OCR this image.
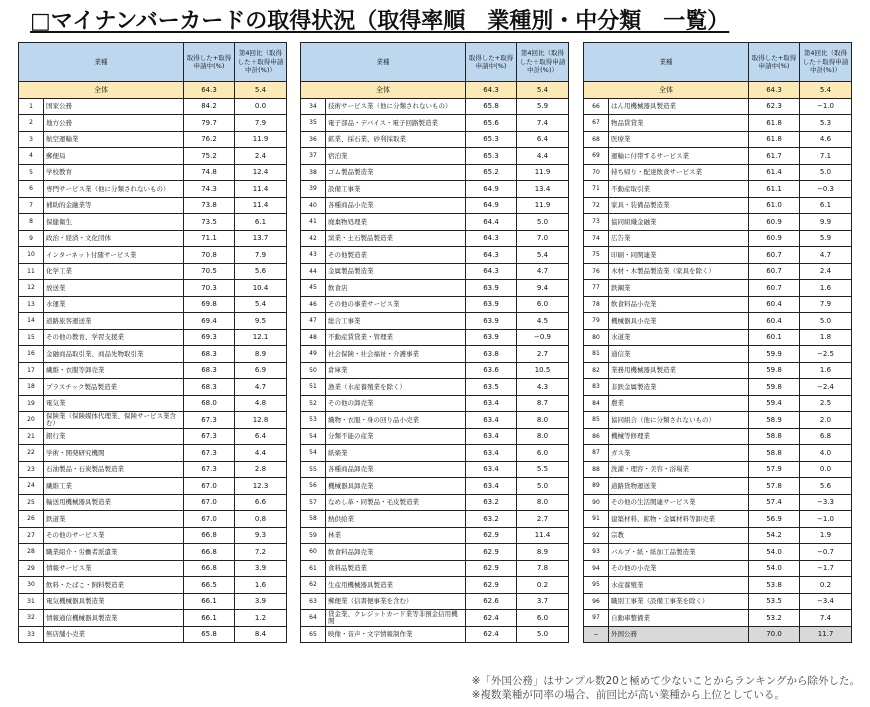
□マイナンバーカードの取得状況（取得率順　業種別・中分類　一覧）
業種		取得した+取得申請中(%)	第4回比（取得した＋取得申請中計(%)）
全体		64.3	5.4
1	国家公務	84.2	0.0
2	地方公務	79.7	7.9
3	航空運輸業	76.2	11.9
4	郵便局	75.2	2.4
5	学校教育	74.8	12.4
6	専門サービス業（他に分類されないもの）	74.3	11.4
7	補助的金融業等	73.8	11.4
8	保健衛生	73.5	6.1
9	政治・経済・文化団体	71.1	13.7
10	インターネット付随サービス業	70.8	7.9
11	化学工業	70.5	5.6
12	放送業	70.3	10.4
13	水運業	69.8	5.4
14	道路旅客運送業	69.4	9.5
15	その他の教育、学習支援業	69.3	12.1
16	金融商品取引業、商品先物取引業	68.3	8.9
17	繊維・衣服等卸売業	68.3	6.9
18	プラスチック製品製造業	68.3	4.7
19	電気業	68.0	4.8
20	保険業（保険媒体代理業、保険サービス業含む）	67.3	12.8
21	銀行業	67.3	6.4
22	学術・開発研究機関	67.3	4.4
23	石油製品・石炭製品製造業	67.3	2.8
24	繊維工業	67.0	12.3
25	輸送用機械器具製造業	67.0	6.6
26	鉄道業	67.0	0.8
27	その他のサービス業	66.8	9.3
28	職業紹介・労働者派遣業	66.8	7.2
29	情報サービス業	66.8	3.9
30	飲料・たばこ・飼料製造業	66.5	1.6
31	電気機械器具製造業	66.1	3.9
32	情報通信機械器具製造業	66.1	1.2
33	無店舗小売業	65.8	8.4
業種		取得した+取得申請中(%)	第4回比（取得した＋取得申請中計(%)）
全体		64.3	5.4
34	技術サービス業（他に分類されないもの）	65.8	5.9
35	電子部品・デバイス・電子回路製造業	65.6	7.4
36	鉱業、採石業、砂利採取業	65.3	6.4
37	宿泊業	65.3	4.4
38	ゴム製品製造業	65.2	11.9
39	設備工事業	64.9	13.4
40	各種商品小売業	64.9	11.9
41	廃棄物処理業	64.4	5.0
42	窯業・土石製品製造業	64.3	7.0
43	その他製造業	64.3	5.4
44	金属製品製造業	64.3	4.7
45	飲食店	63.9	9.4
46	その他の事業サービス業	63.9	6.0
47	総合工事業	63.9	4.5
48	不動産賃貸業・管理業	63.9	−0.9
49	社会保険・社会福祉・介護事業	63.8	2.7
50	倉庫業	63.6	10.5
51	漁業（水産養殖業を除く）	63.5	4.3
52	その他の卸売業	63.4	8.7
53	織物・衣服・身の回り品小売業	63.4	8.0
54	分類不能の産業	63.4	8.0
54	紙楽業	63.4	6.0
55	各種商品卸売業	63.4	5.5
56	機械器具卸売業	63.4	5.0
57	なめし革・同製品・毛皮製造業	63.2	8.0
58	熱供給業	63.2	2.7
59	林業	62.9	11.4
60	飲食料品卸売業	62.9	8.9
61	食料品製造業	62.9	7.8
62	生産用機械器具製造業	62.9	0.2
63	郵便業（信書便事業を含む）	62.6	3.7
64	貸金業、クレジットカード業等非預金信用機関	62.4	6.0
65	映像・音声・文字情報制作業	62.4	5.0
業種		取得した+取得申請中(%)	第4回比（取得した＋取得申請中計(%)）
全体		64.3	5.4
66	はん用機械器具製造業	62.3	−1.0
67	物品賃貸業	61.8	5.3
68	医療業	61.8	4.6
69	運輸に付帯するサービス業	61.7	7.1
70	持ち帰り・配達飲食サービス業	61.4	5.0
71	不動産取引業	61.1	−0.3
72	家具・装備品製造業	61.0	6.1
73	協同組織金融業	60.9	9.9
74	広告業	60.9	5.9
75	印刷・同関連業	60.7	4.7
76	木材・木製品製造業（家具を除く）	60.7	2.4
77	鉄鋼業	60.7	1.6
78	飲食料品小売業	60.4	7.9
79	機械器具小売業	60.4	5.0
80	水道業	60.1	1.8
81	通信業	59.9	−2.5
82	業務用機械器具製造業	59.8	1.6
83	非鉄金属製造業	59.8	−2.4
84	農業	59.4	2.5
85	協同組合（他に分類されないもの）	58.9	2.0
86	機械等修理業	58.8	6.8
87	ガス業	58.8	4.0
88	洗濯・理容・美容・浴場業	57.9	0.0
89	道路貨物運送業	57.8	5.6
90	その他の生活関連サービス業	57.4	−3.3
91	建築材料、鉱物・金属材料等卸売業	56.9	−1.0
92	宗教	54.2	1.9
93	パルプ・紙・紙加工品製造業	54.0	−0.7
94	その他の小売業	54.0	−1.7
95	水産養殖業	53.8	0.2
96	職別工事業（設備工事業を除く）	53.5	−3.4
97	自動車整備業	53.2	7.4
−	外国公務	70.0	11.7
※「外国公務」はサンプル数20と極めて少ないことからランキングから除外した。
※複数業種が同率の場合、前回比が高い業種から上位としている。
